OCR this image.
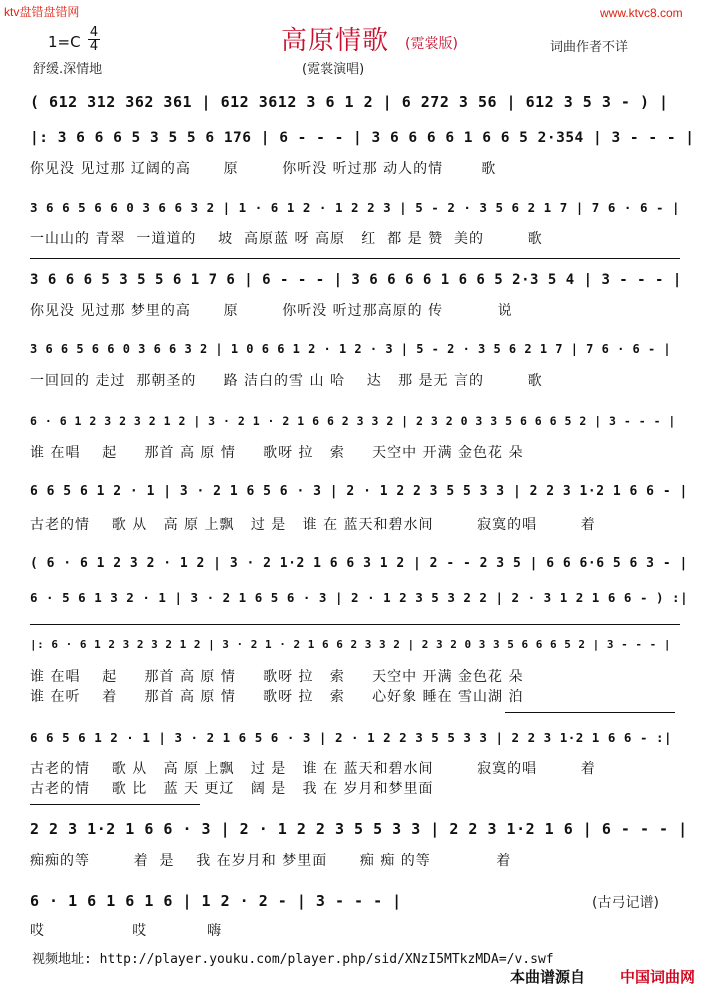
ktv盘错盘错网	www.ktvc8.com
1=C
4
4	高原情歌 (霓裳版)
舒缓.深情地	(霓裳演唱)
词曲作者不详
( 612 312 362 361 | 612 3612 3 6 1 2 | 6 272 3 56 | 612 3 5 3 - ) |
|: 3 6 6 6 5 3 5 5 6 176 | 6 - - - | 3 6 6 6 6 1 6 6 5 2·354 | 3 - - - |
你见没 见过那 辽阔的高      原        你听没 听过那 动人的情       歌
3 6 6 5 6 6 0 3 6 6 3 2 | 1 · 6 1 2 · 1 2 2 3 | 5 - 2 · 3 5 6 2 1 7 | 7 6 · 6 - |
一山山的 青翠  一道道的    坡  高原蓝 呀 高原   红  都 是 赞  美的        歌
3 6 6 6 5 3 5 5 6 1 7 6 | 6 - - - | 3 6 6 6 6 1 6 6 5 2·3 5 4 | 3 - - - |
你见没 见过那 梦里的高      原        你听没 听过那高原的 传          说
3 6 6 5 6 6 0 3 6 6 3 2 | 1 0 6 6 1 2 · 1 2 · 3 | 5 - 2 · 3 5 6 2 1 7 | 7 6 · 6 - |
一回回的 走过  那朝圣的     路 洁白的雪 山 哈    达   那 是无 言的        歌
6 · 6 1 2 3 2 3 2 1 2 | 3 · 2 1 · 2 1 6 6 2 3 3 2 | 2 3 2 0 3 3 5 6 6 6 5 2 | 3 - - - |
谁 在唱    起     那首 高 原 情     歌呀 拉   索     天空中 开满 金色花 朵
6 6 5 6 1 2 · 1 | 3 · 2 1 6 5 6 · 3 | 2 · 1 2 2 3 5 5 3 3 | 2 2 3 1·2 1 6 6 - |
古老的情    歌 从   高 原 上飘   过 是   谁 在 蓝天和碧水间        寂寞的唱        着
( 6 · 6 1 2 3 2 · 1 2 | 3 · 2 1·2 1 6 6 3 1 2 | 2 - - 2 3 5 | 6 6 6·6 5 6 3 - |
6 · 5 6 1 3 2 · 1 | 3 · 2 1 6 5 6 · 3 | 2 · 1 2 3 5 3 2 2 | 2 · 3 1 2 1 6 6 - ) :|
|: 6 · 6 1 2 3 2 3 2 1 2 | 3 · 2 1 · 2 1 6 6 2 3 3 2 | 2 3 2 0 3 3 5 6 6 6 5 2 | 3 - - - |
谁 在唱    起     那首 高 原 情     歌呀 拉   索     天空中 开满 金色花 朵
谁 在听    着     那首 高 原 情     歌呀 拉   索     心好象 睡在 雪山湖 泊
6 6 5 6 1 2 · 1 | 3 · 2 1 6 5 6 · 3 | 2 · 1 2 2 3 5 5 3 3 | 2 2 3 1·2 1 6 6 - :|
古老的情    歌 从   高 原 上飘   过 是   谁 在 蓝天和碧水间        寂寞的唱        着
古老的情    歌 比   蓝 天 更辽   阔 是   我 在 岁月和梦里面
2 2 3 1·2 1 6 6 · 3 | 2 · 1 2 2 3 5 5 3 3 | 2 2 3 1·2 1 6 | 6 - - - |
痴痴的等        着  是    我 在岁月和 梦里面      痴 痴 的等            着
6 · 1 6 1 6 1 6 | 1 2 · 2 - | 3 - - - |
哎                哎           嗨
(古弓记谱)
视频地址: http://player.youku.com/player.php/sid/XNzI5MTkzMDA=/v.swf
本曲谱源自 中国词曲网
